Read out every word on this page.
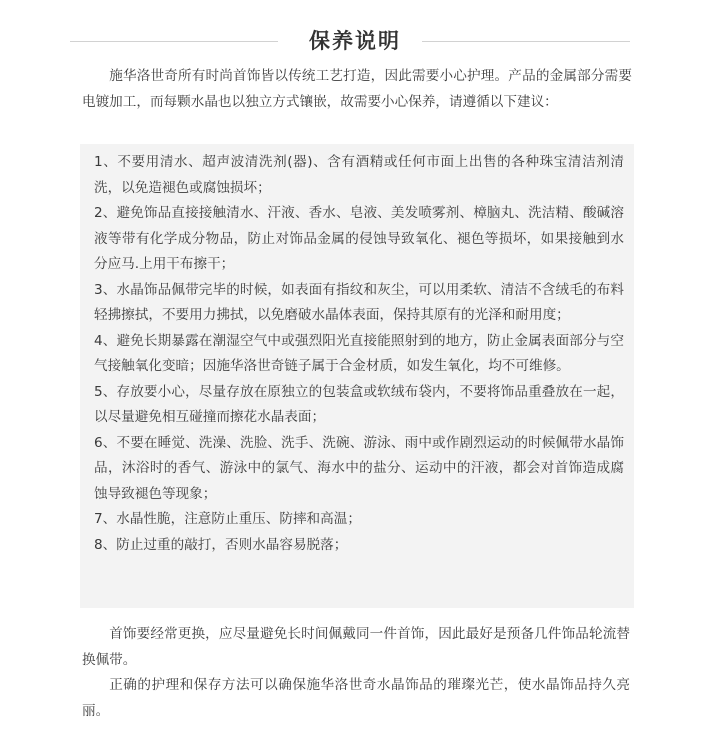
保养说明

施华洛世奇所有时尚首饰皆以传统工艺打造，因此需要小心护理。产品的金属部分需要电镀加工，而每颗水晶也以独立方式镶嵌，故需要小心保养，请遵循以下建议：

1、不要用清水、超声波清洗剂(器)、含有酒精或任何市面上出售的各种珠宝清洁剂清洗，以免造褪色或腐蚀损坏；
2、避免饰品直接接触清水、汗液、香水、皂液、美发喷雾剂、樟脑丸、洗洁精、酸碱溶液等带有化学成分物品，防止对饰品金属的侵蚀导致氧化、褪色等损坏，如果接触到水分应马.上用干布擦干；
3、水晶饰品佩带完毕的时候，如表面有指纹和灰尘，可以用柔软、清洁不含绒毛的布料轻拂擦拭，不要用力拂拭，以免磨破水晶体表面，保持其原有的光泽和耐用度；
4、避免长期暴露在潮湿空气中或强烈阳光直接能照射到的地方，防止金属表面部分与空气接触氧化变暗；因施华洛世奇链子属于合金材质，如发生氧化，均不可维修。
5、存放要小心，尽量存放在原独立的包装盒或软绒布袋内，不要将饰品重叠放在一起，以尽量避免相互碰撞而擦花水晶表面；
6、不要在睡觉、洗澡、洗脸、洗手、洗碗、游泳、雨中或作剧烈运动的时候佩带水晶饰品，沐浴时的香气、游泳中的氯气、海水中的盐分、运动中的汗液，都会对首饰造成腐蚀导致褪色等现象；
7、水晶性脆，注意防止重压、防摔和高温；
8、防止过重的敲打，否则水晶容易脱落；

首饰要经常更换，应尽量避免长时间佩戴同一件首饰，因此最好是预备几件饰品轮流替换佩带。

正确的护理和保存方法可以确保施华洛世奇水晶饰品的璀璨光芒，使水晶饰品持久亮丽。
